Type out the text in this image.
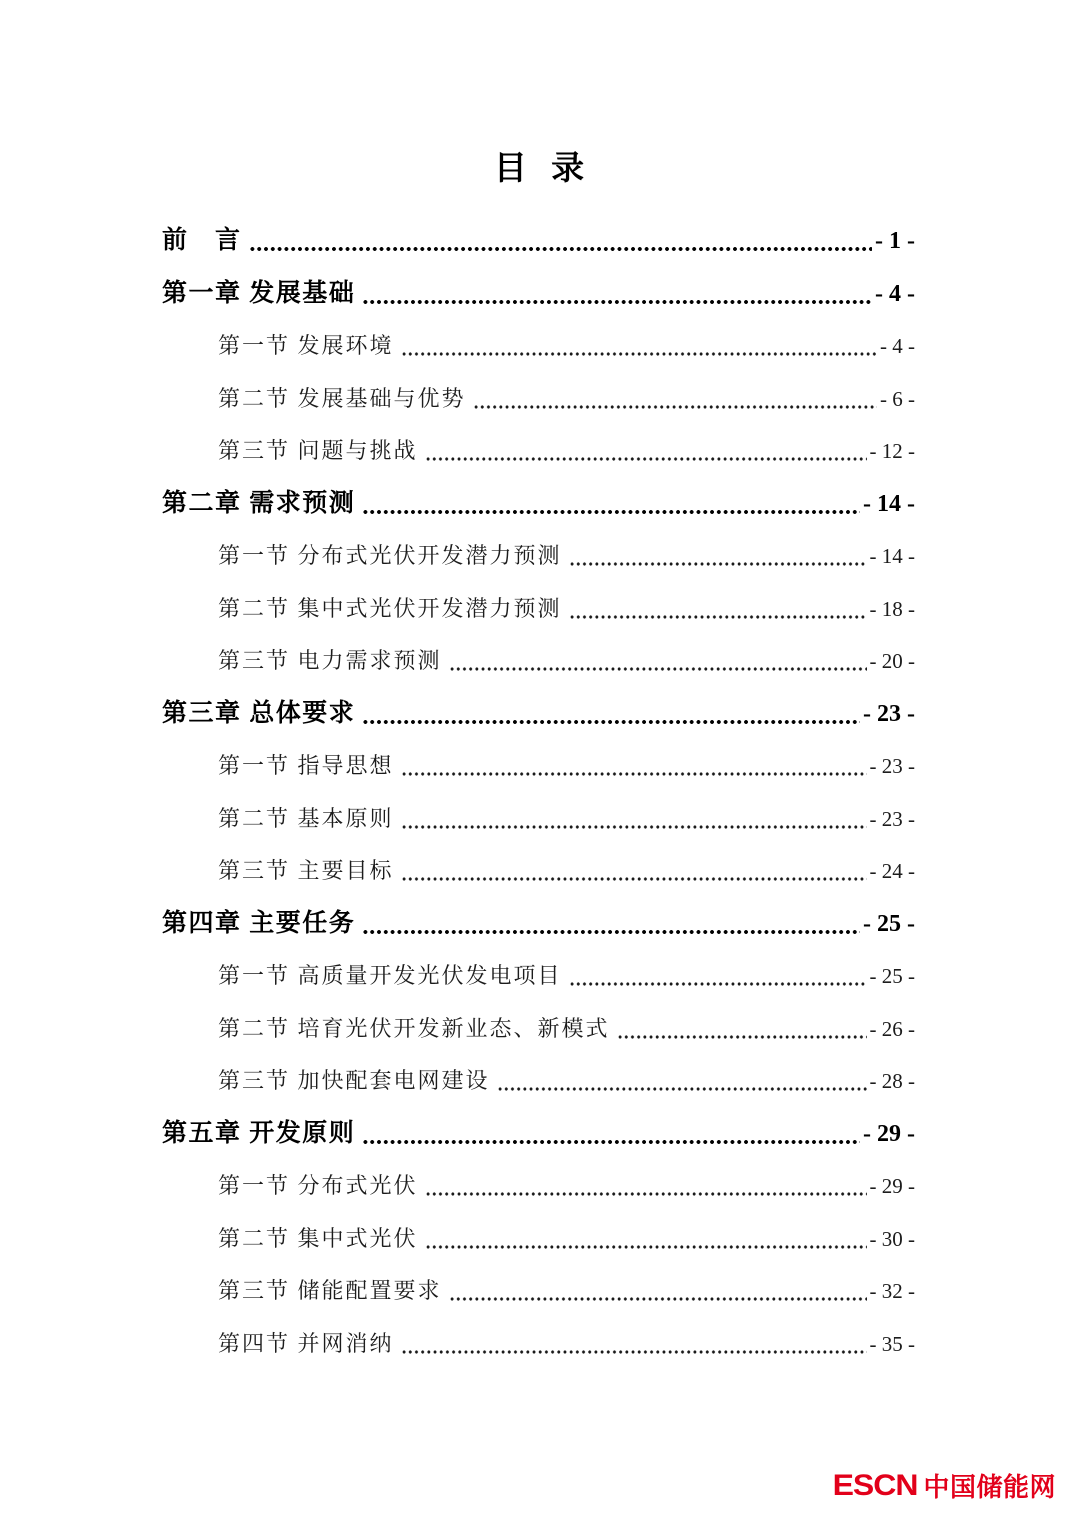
目 录
前　言	- 1 -
第一章 发展基础	- 4 -
第一节 发展环境	- 4 -
第二节 发展基础与优势	- 6 -
第三节 问题与挑战	- 12 -
第二章 需求预测	- 14 -
第一节 分布式光伏开发潜力预测	- 14 -
第二节 集中式光伏开发潜力预测	- 18 -
第三节 电力需求预测	- 20 -
第三章 总体要求	- 23 -
第一节 指导思想	- 23 -
第二节 基本原则	- 23 -
第三节 主要目标	- 24 -
第四章 主要任务	- 25 -
第一节 高质量开发光伏发电项目	- 25 -
第二节 培育光伏开发新业态、新模式	- 26 -
第三节 加快配套电网建设	- 28 -
第五章 开发原则	- 29 -
第一节 分布式光伏	- 29 -
第二节 集中式光伏	- 30 -
第三节 储能配置要求	- 32 -
第四节 并网消纳	- 35 -
ESCN 中国储能网
